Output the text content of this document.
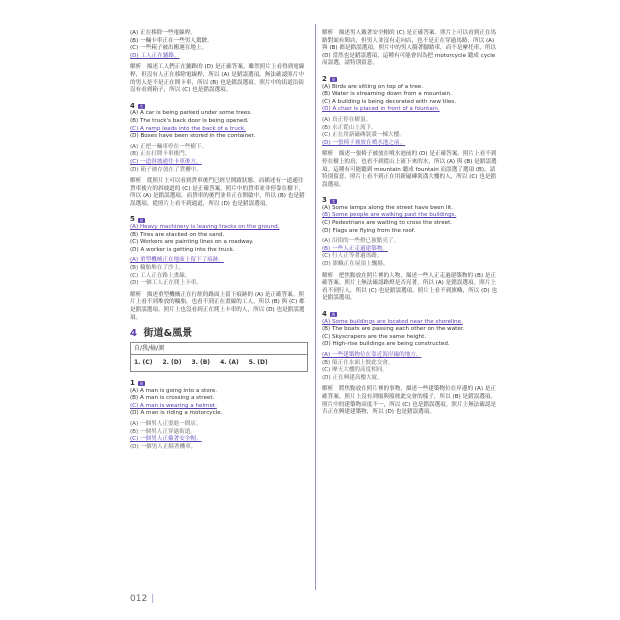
(A) 正在移除一些電線桿。
(B) 一輛卡車正在一些男人駕駛。
(C) 一些箱子被出搬運在地上。
(D) 工人正在鋪路。
解析　描述工人們正在鋪路的 (D) 是正確答案。雖然照片上看得到電線桿，但沒有人正在移除電線桿，所以 (A) 是錯誤選項。無法確認照片中的男人是不是正在開卡車，所以 (B) 也是錯誤選項。照片中的街道沿街沒有看到箱子，所以 (C) 也是錯誤選項。
4	美
(A) A car is being parked under some trees.
(B) The truck's back door is being opened.
(C) A ramp leads into the back of a truck.
(D) Boxes have been stored in the container.
(A) 正把一輛車停在一些樹下。
(B) 正在打開卡車後門。
(C) 一道斜坡通往卡車後方。
(D) 箱子被存放在了貨櫃中。
解析　從照片上可以看到貨車後門已經呈開啟狀態，而描述有一道通往貨車後方的斜坡道的 (C) 是正確答案。照片中的貨車並非停靠在樹下，所以 (A) 是錯誤選項。而貨車的後門並非正在開啟中，所以 (B) 也是錯誤選項。從照片上看不到通道，所以 (D) 也是錯誤選項。
5	英
(A) Heavy machinery is leaving tracks on the ground.
(B) Tires are stacked on the sand.
(C) Workers are painting lines on a roadway.
(D) A worker is getting into the truck.
(A) 重型機械正在地面上留下了痕跡。
(B) 輪胎堆在了沙上。
(C) 工人正在路上畫線。
(D) 一個工人正在爬上卡車。
解析　描述重型機械正在行經的路面上留下痕跡的 (A) 是正確答案。照片上看不到堆放的輪胎，也看不到正在畫線的工人，所以 (B) 與 (C) 都是錯誤選項。照片上也沒看到正在爬上卡車的人，所以 (D) 也是錯誤選項。
4 街道&風景
自/我/檢/測
1. (C) 2. (D) 3. (B) 4. (A) 5. (D)
1	英
(A) A man is going into a store.
(B) A man is crossing a street.
(C) A man is wearing a helmet.
(D) A man is riding a motorcycle.
(A) 一個男人正要進一間店。
(B) 一個男人正穿過街道。
(C) 一個男人正戴著安全帽。
(D) 一個男人正騎著機車。
解析　描述男人戴著安全帽的 (C) 是正確答案。照片上可以看到正在馬路對面有間店，但男人並沒有走向店，也不是正在穿過馬路，所以 (A) 與 (B) 都是錯誤選項。照片中的男人騎著腳踏車，而不是摩托車，所以 (D) 當然也是錯誤選項，這種有可能會因為把 motorcycle 聽成 cycle 而誤選，請特別留意。
2	英
(A) Birds are sitting on top of a tree.
(B) Water is streaming down from a mountain.
(C) A building is being decorated with new tiles.
(D) A chair is placed in front of a fountain.
(A) 鳥正停在樹頂。
(B) 水正從山上流下。
(C) 正在用新磁磚裝潢一棟大樓。
(D) 一張椅子被放在噴水池之前。
解析　描述一張椅子被放在噴水池前的 (D) 是正確答案。照片上看不到停在樹上的鳥，也看不到從山上流下來的水，所以 (A) 與 (B) 是錯誤選項。這種有可能聽到 mountain 聽成 fountain 而誤選了選項 (B)，請特別留意。照片上看不到正在用新磁磚裝潢大樓的人，所以 (C) 也是錯誤選項。
3	美
(A) Some lamps along the street have been lit.
(B) Some people are walking past the buildings.
(C) Pedestrians are waiting to cross the street.
(D) Flags are flying from the roof.
(A) 沿街的一些燈已被點亮了。
(B) 一些人正走過建築物。
(C) 行人正等著過馬路。
(D) 旗幟正在屋頂上飄揚。
解析　把焦點放在照片裡的人物，描述一些人正走過建築物的 (B) 是正確答案。照片上無法確認路燈是否亮著，所以 (A) 是錯誤選項。照片上看不到行人，所以 (C) 也是錯誤選項。照片上看不到旗幟，所以 (D) 也是錯誤選項。
4	澳
(A) Some buildings are located near the shoreline.
(B) The boats are passing each other on the water.
(C) Skyscrapers are the same height.
(D) High-rise buildings are being constructed.
(A) 一些建築物位在靠近海岸線的地方。
(B) 船正在水面上彼此交會。
(C) 摩天大樓的高度相同。
(D) 正在興建高樓大廈。
解析　將焦點放在照片裡的事物，描述一些建築物位在岸邊的 (A) 是正確答案。照片上沒有到船與船彼此交會的樣子，所以 (B) 是錯誤選項。照片中的建築物高度不一，所以 (C) 也是錯誤選項。照片上無法確認是否正在興建建築物，所以 (D) 也是錯誤選項。
012 |
